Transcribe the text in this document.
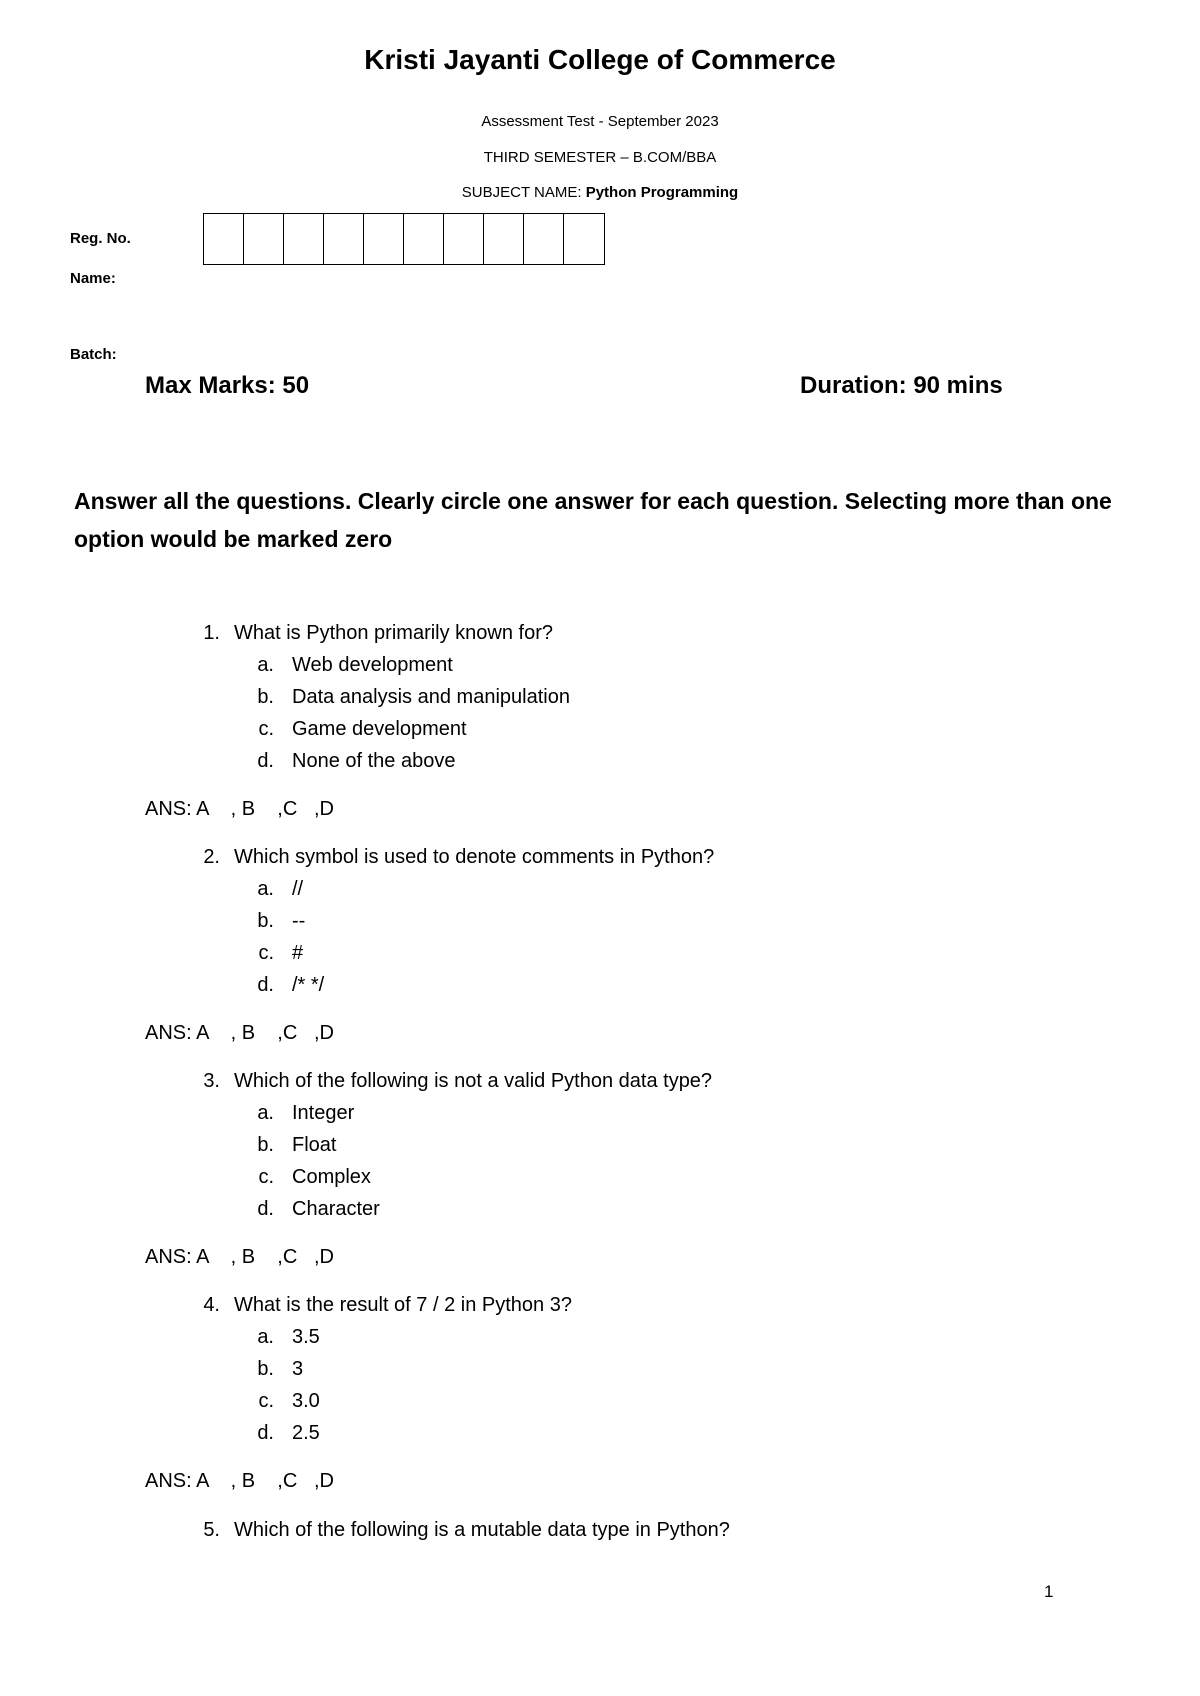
Kristi Jayanti College of Commerce
Assessment Test - September 2023
THIRD SEMESTER – B.COM/BBA
SUBJECT NAME: Python Programming
Reg. No.
Name:
Batch:
Max Marks: 50	Duration: 90 mins
Answer all the questions. Clearly circle one answer for each question. Selecting more than one option would be marked zero
1. What is Python primarily known for?
a. Web development
b. Data analysis and manipulation
c. Game development
d. None of the above
ANS: A    , B    ,C   ,D
2. Which symbol is used to denote comments in Python?
a. //
b. --
c. #
d. /* */
ANS: A    , B    ,C   ,D
3. Which of the following is not a valid Python data type?
a. Integer
b. Float
c. Complex
d. Character
ANS: A    , B    ,C   ,D
4. What is the result of 7 / 2 in Python 3?
a. 3.5
b. 3
c. 3.0
d. 2.5
ANS: A    , B    ,C   ,D
5. Which of the following is a mutable data type in Python?
1
